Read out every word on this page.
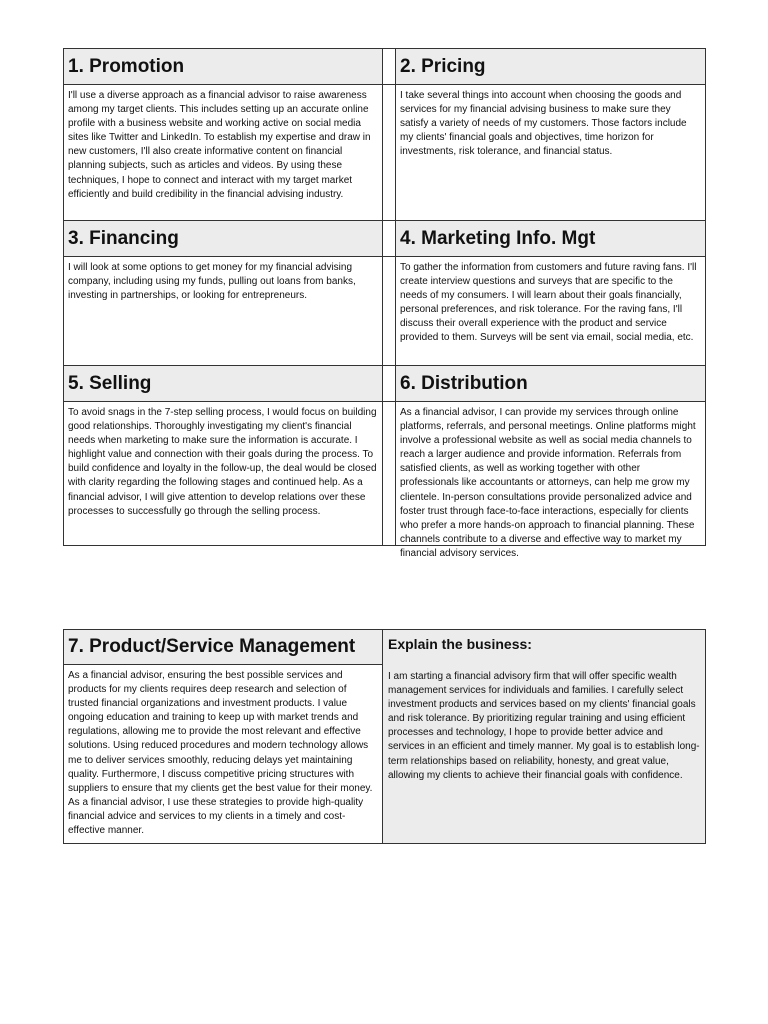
1. Promotion	2. Pricing
I'll use a diverse approach as a financial advisor to raise awareness among my target clients. This includes setting up an accurate online profile with a business website and working active on social media sites like Twitter and LinkedIn. To establish my expertise and draw in new customers, I'll also create informative content on financial planning subjects, such as articles and videos. By using these techniques, I hope to connect and interact with my target market efficiently and build credibility in the financial advising industry.
I take several things into account when choosing the goods and services for my financial advising business to make sure they satisfy a variety of needs of my customers. Those factors include my clients' financial goals and objectives, time horizon for investments, risk tolerance, and financial status.
3. Financing	4. Marketing Info. Mgt
I will look at some options to get money for my financial advising company, including using my funds, pulling out loans from banks, investing in partnerships, or looking for entrepreneurs.
To gather the information from customers and future raving fans. I'll create interview questions and surveys that are specific to the needs of my consumers. I will learn about their goals financially, personal preferences, and risk tolerance. For the raving fans, I'll discuss their overall experience with the product and service provided to them. Surveys will be sent via email, social media, etc.
5. Selling	6. Distribution
To avoid snags in the 7-step selling process, I would focus on building good relationships. Thoroughly investigating my client's financial needs when marketing to make sure the information is accurate. I highlight value and connection with their goals during the process. To build confidence and loyalty in the follow-up, the deal would be closed with clarity regarding the following stages and continued help. As a financial advisor, I will give attention to develop relations over these processes to successfully go through the selling process.
As a financial advisor, I can provide my services through online platforms, referrals, and personal meetings. Online platforms might involve a professional website as well as social media channels to reach a larger audience and provide information. Referrals from satisfied clients, as well as working together with other professionals like accountants or attorneys, can help me grow my clientele. In-person consultations provide personalized advice and foster trust through face-to-face interactions, especially for clients who prefer a more hands-on approach to financial planning. These channels contribute to a diverse and effective way to market my financial advisory services.
7. Product/Service Management
As a financial advisor, ensuring the best possible services and products for my clients requires deep research and selection of trusted financial organizations and investment products. I value ongoing education and training to keep up with market trends and regulations, allowing me to provide the most relevant and effective solutions. Using reduced procedures and modern technology allows me to deliver services smoothly, reducing delays yet maintaining quality. Furthermore, I discuss competitive pricing structures with suppliers to ensure that my clients get the best value for their money. As a financial advisor, I use these strategies to provide high-quality financial advice and services to my clients in a timely and cost-effective manner.
Explain the business:
I am starting a financial advisory firm that will offer specific wealth management services for individuals and families. I carefully select investment products and services based on my clients' financial goals and risk tolerance. By prioritizing regular training and using efficient processes and technology, I hope to provide better advice and services in an efficient and timely manner. My goal is to establish long-term relationships based on reliability, honesty, and great value, allowing my clients to achieve their financial goals with confidence.
